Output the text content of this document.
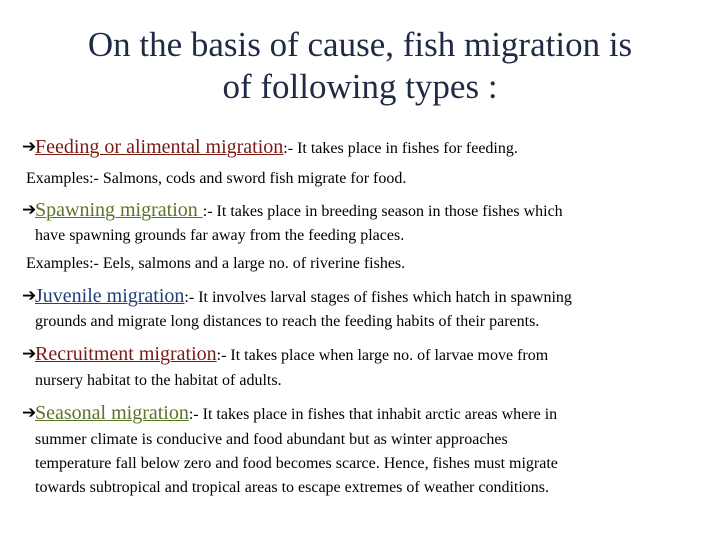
On the basis of cause, fish migration is
of following types :
➔
Feeding or alimental migration:- It takes place in fishes for feeding.
Examples:- Salmons, cods and sword fish migrate for food.
➔
Spawning migration :- It takes place in breeding season in those fishes which
have spawning grounds far away from the feeding places.
Examples:- Eels, salmons and a large no. of riverine fishes.
➔
Juvenile migration:- It involves larval stages of fishes which hatch in spawning
grounds and migrate long distances to reach the feeding habits of their parents.
➔
Recruitment migration:- It takes place when large no. of larvae move from
nursery habitat to the habitat of adults.
➔
Seasonal migration:- It takes place in fishes that inhabit arctic areas where in
summer climate is conducive and food abundant but as winter approaches
temperature fall below zero and food becomes scarce. Hence, fishes must migrate
towards subtropical and tropical areas to escape extremes of weather conditions.
